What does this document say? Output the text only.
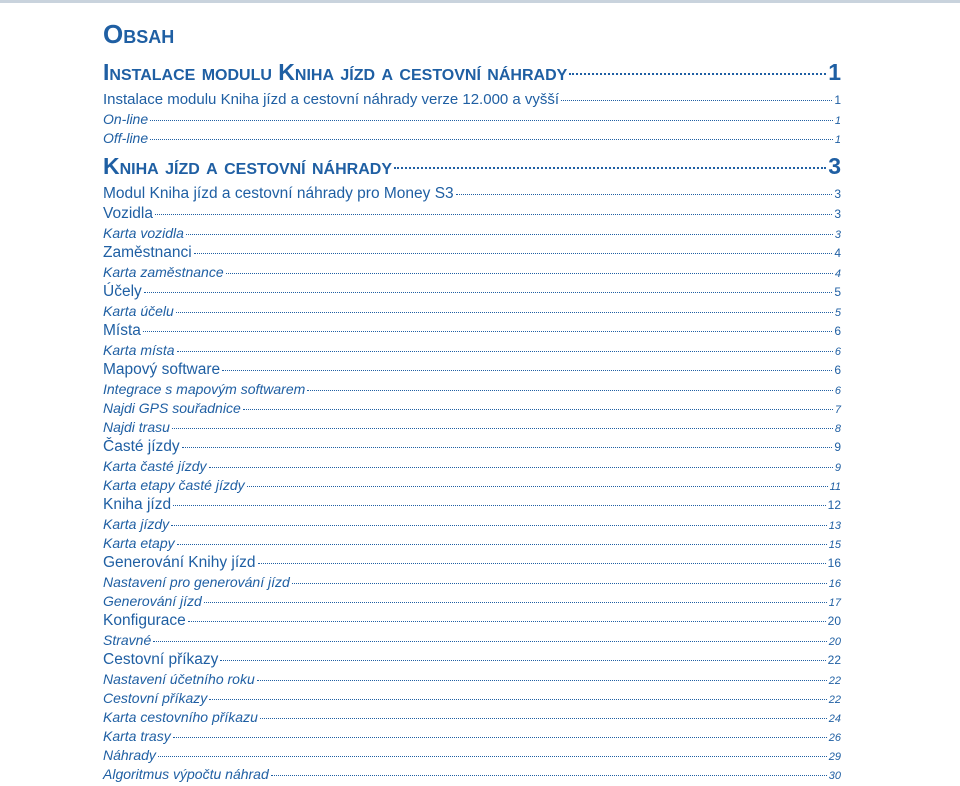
Obsah
Instalace modulu Kniha jízd a cestovní náhrady	1
Instalace modulu Kniha jízd a cestovní náhrady verze 12.000 a vyšší	1
On-line	1
Off-line	1
Kniha jízd a cestovní náhrady	3
Modul Kniha jízd a cestovní náhrady pro Money S3	3
Vozidla	3
Karta vozidla	3
Zaměstnanci	4
Karta zaměstnance	4
Účely	5
Karta účelu	5
Místa	6
Karta místa	6
Mapový software	6
Integrace s mapovým softwarem	6
Najdi GPS souřadnice	7
Najdi trasu	8
Časté jízdy	9
Karta časté jízdy	9
Karta etapy časté jízdy	11
Kniha jízd	12
Karta jízdy	13
Karta etapy	15
Generování Knihy jízd	16
Nastavení pro generování jízd	16
Generování jízd	17
Konfigurace	20
Stravné	20
Cestovní příkazy	22
Nastavení účetního roku	22
Cestovní příkazy	22
Karta cestovního příkazu	24
Karta trasy	26
Náhrady	29
Algoritmus výpočtu náhrad	30
